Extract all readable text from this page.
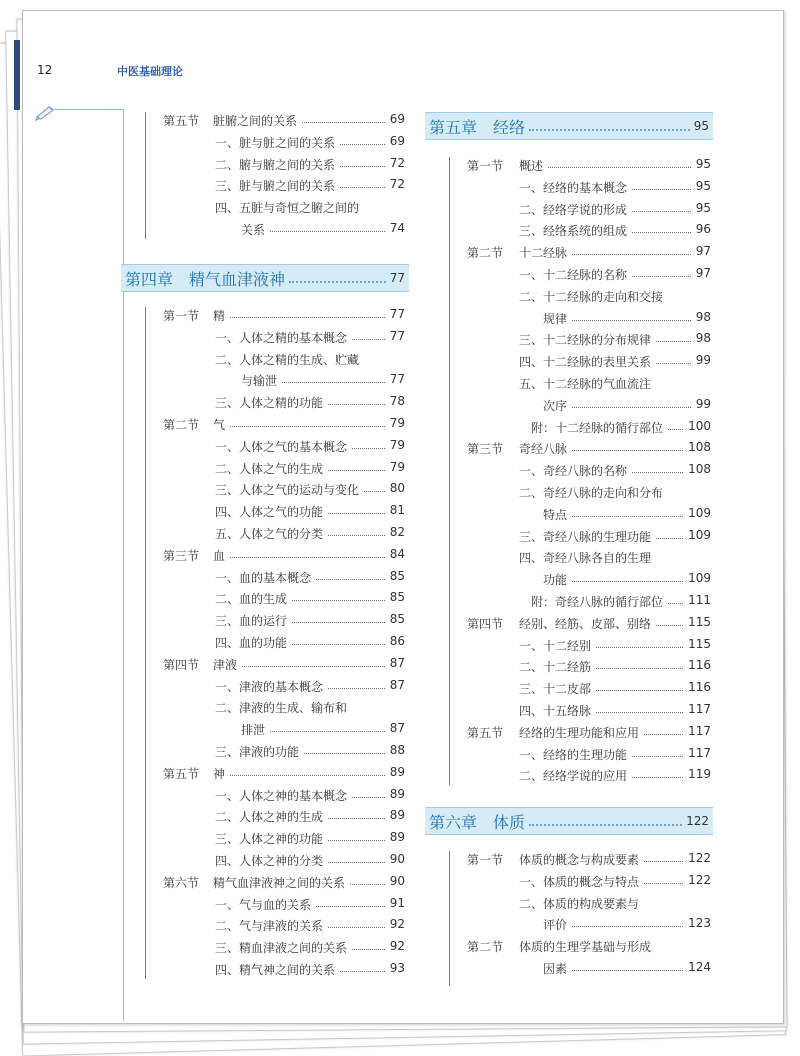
12	中医基础理论
第五节 脏腑之间的关系	69
一、脏与脏之间的关系	69
二、腑与腑之间的关系	72
三、脏与腑之间的关系	72
四、五脏与奇恒之腑之间的
关系	74
第四章　精气血津液神	77
第一节 精	77
一、人体之精的基本概念	77
二、人体之精的生成、贮藏
与输泄	77
三、人体之精的功能	78
第二节 气	79
一、人体之气的基本概念	79
二、人体之气的生成	79
三、人体之气的运动与变化	80
四、人体之气的功能	81
五、人体之气的分类	82
第三节 血	84
一、血的基本概念	85
二、血的生成	85
三、血的运行	85
四、血的功能	86
第四节 津液	87
一、津液的基本概念	87
二、津液的生成、输布和
排泄	87
三、津液的功能	88
第五节 神	89
一、人体之神的基本概念	89
二、人体之神的生成	89
三、人体之神的功能	89
四、人体之神的分类	90
第六节 精气血津液神之间的关系	90
一、气与血的关系	91
二、气与津液的关系	92
三、精血津液之间的关系	92
四、精气神之间的关系	93
第五章　经络	95
第一节 概述	95
一、经络的基本概念	95
二、经络学说的形成	95
三、经络系统的组成	96
第二节 十二经脉	97
一、十二经脉的名称	97
二、十二经脉的走向和交接
规律	98
三、十二经脉的分布规律	98
四、十二经脉的表里关系	99
五、十二经脉的气血流注
次序	99
附：十二经脉的循行部位 100
第三节 奇经八脉	108
一、奇经八脉的名称	108
二、奇经八脉的走向和分布
特点	109
三、奇经八脉的生理功能	109
四、奇经八脉各自的生理
功能	109
附：奇经八脉的循行部位 111
第四节 经别、经筋、皮部、别络	115
一、十二经别	115
二、十二经筋	116
三、十二皮部	116
四、十五络脉	117
第五节 经络的生理功能和应用	117
一、经络的生理功能	117
二、经络学说的应用	119
第六章　体质	122
第一节 体质的概念与构成要素	122
一、体质的概念与特点	122
二、体质的构成要素与
评价	123
第二节 体质的生理学基础与形成
因素	124
